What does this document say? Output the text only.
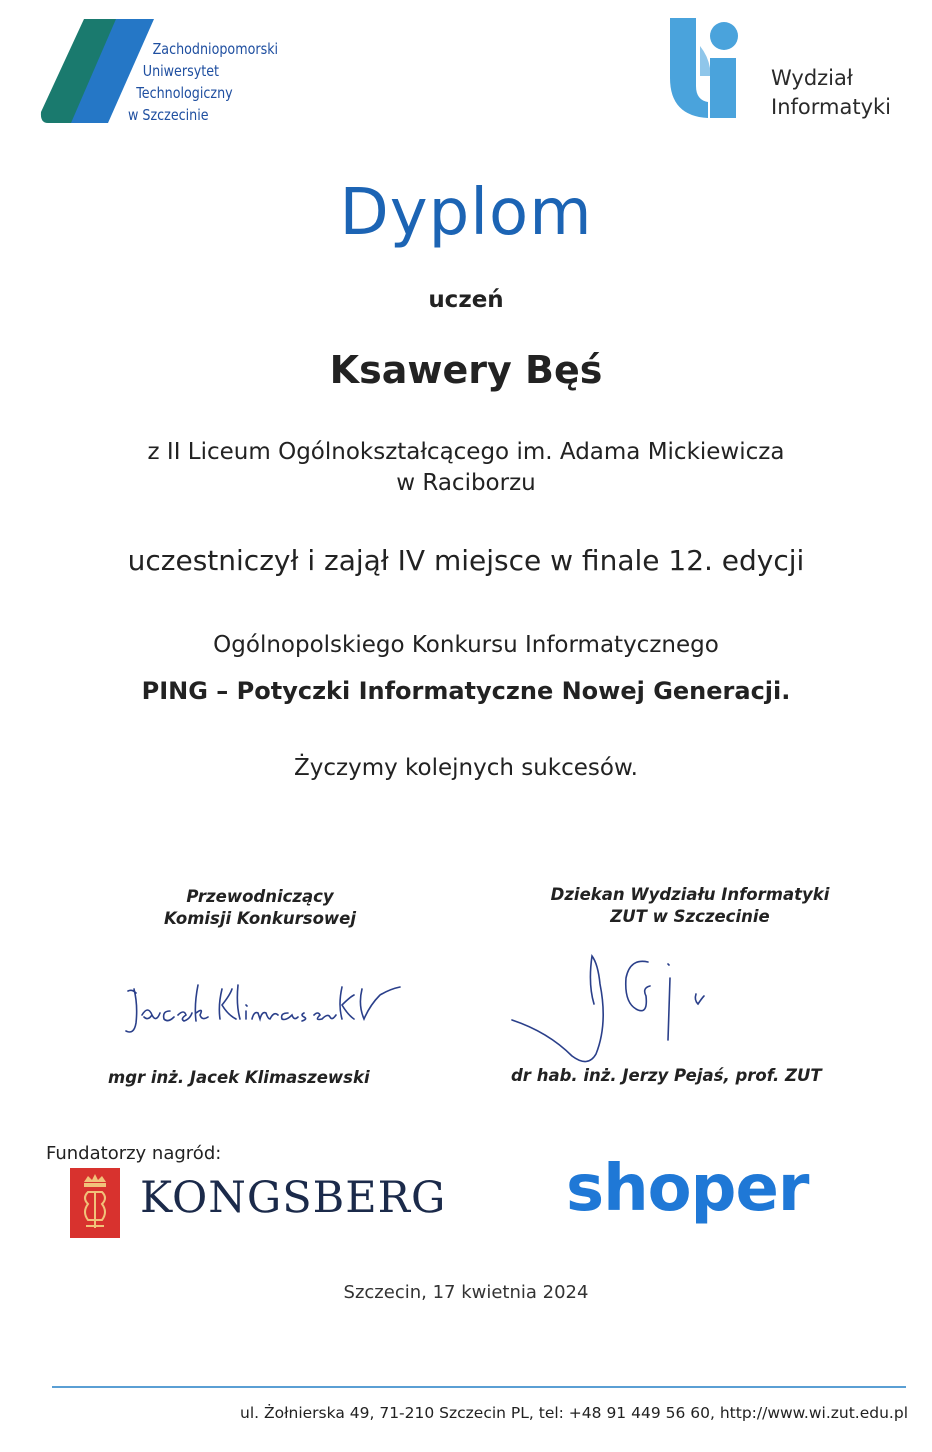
Zachodniopomorski
Uniwersytet
Technologiczny
w Szczecinie
Wydział
Informatyki
Dyplom
uczeń
Ksawery Bęś
z II Liceum Ogólnokształcącego im. Adama Mickiewicza
w Raciborzu
uczestniczył i zajął IV miejsce w finale 12. edycji
Ogólnopolskiego Konkursu Informatycznego
PING – Potyczki Informatyczne Nowej Generacji.
Życzymy kolejnych sukcesów.
Przewodniczący
Komisji Konkursowej
Dziekan Wydziału Informatyki
ZUT w Szczecinie
mgr inż. Jacek Klimaszewski	dr hab. inż. Jerzy Pejaś, prof. ZUT
Fundatorzy nagród:
KONGSBERG shoper
Szczecin, 17 kwietnia 2024
ul. Żołnierska 49, 71-210 Szczecin PL, tel: +48 91 449 56 60, http://www.wi.zut.edu.pl
